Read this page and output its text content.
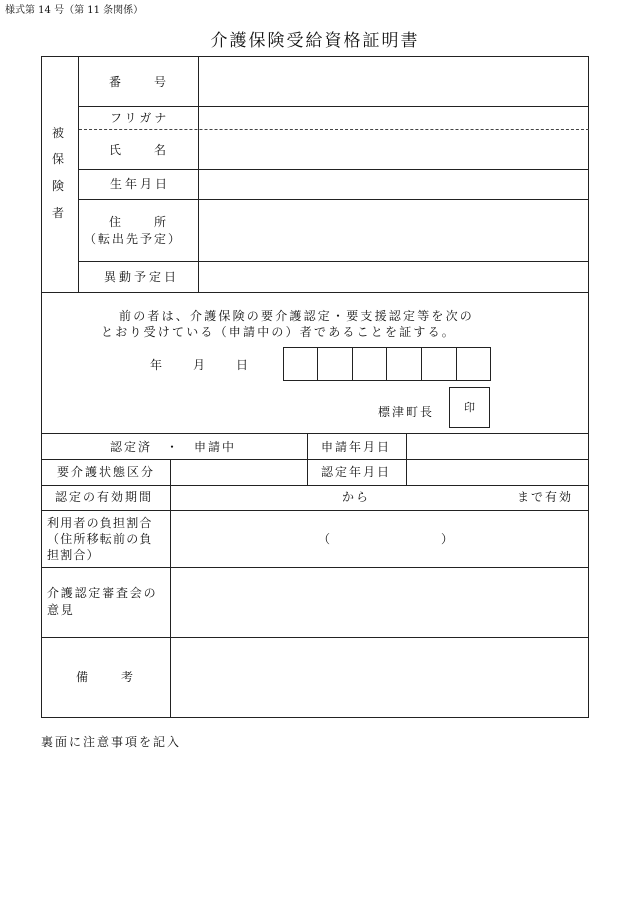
様式第 14 号（第 11 条関係）
介護保険受給資格証明書
被
保
険
者
番　　号
フリガナ
氏　　名
生年月日
住　　所
（転出先予定）
異動予定日
前の者は、介護保険の要介護認定・要支援認定等を次の
とおり受けている（申請中の）者であることを証する。
年	月	日
標津町長	印
認定済　・　申請中	申請年月日
要介護状態区分	認定年月日
認定の有効期間	から	まで有効
利用者の負担割合
（住所移転前の負
担割合）
（	）
介護認定審査会の
意見
備　　考
裏面に注意事項を記入
